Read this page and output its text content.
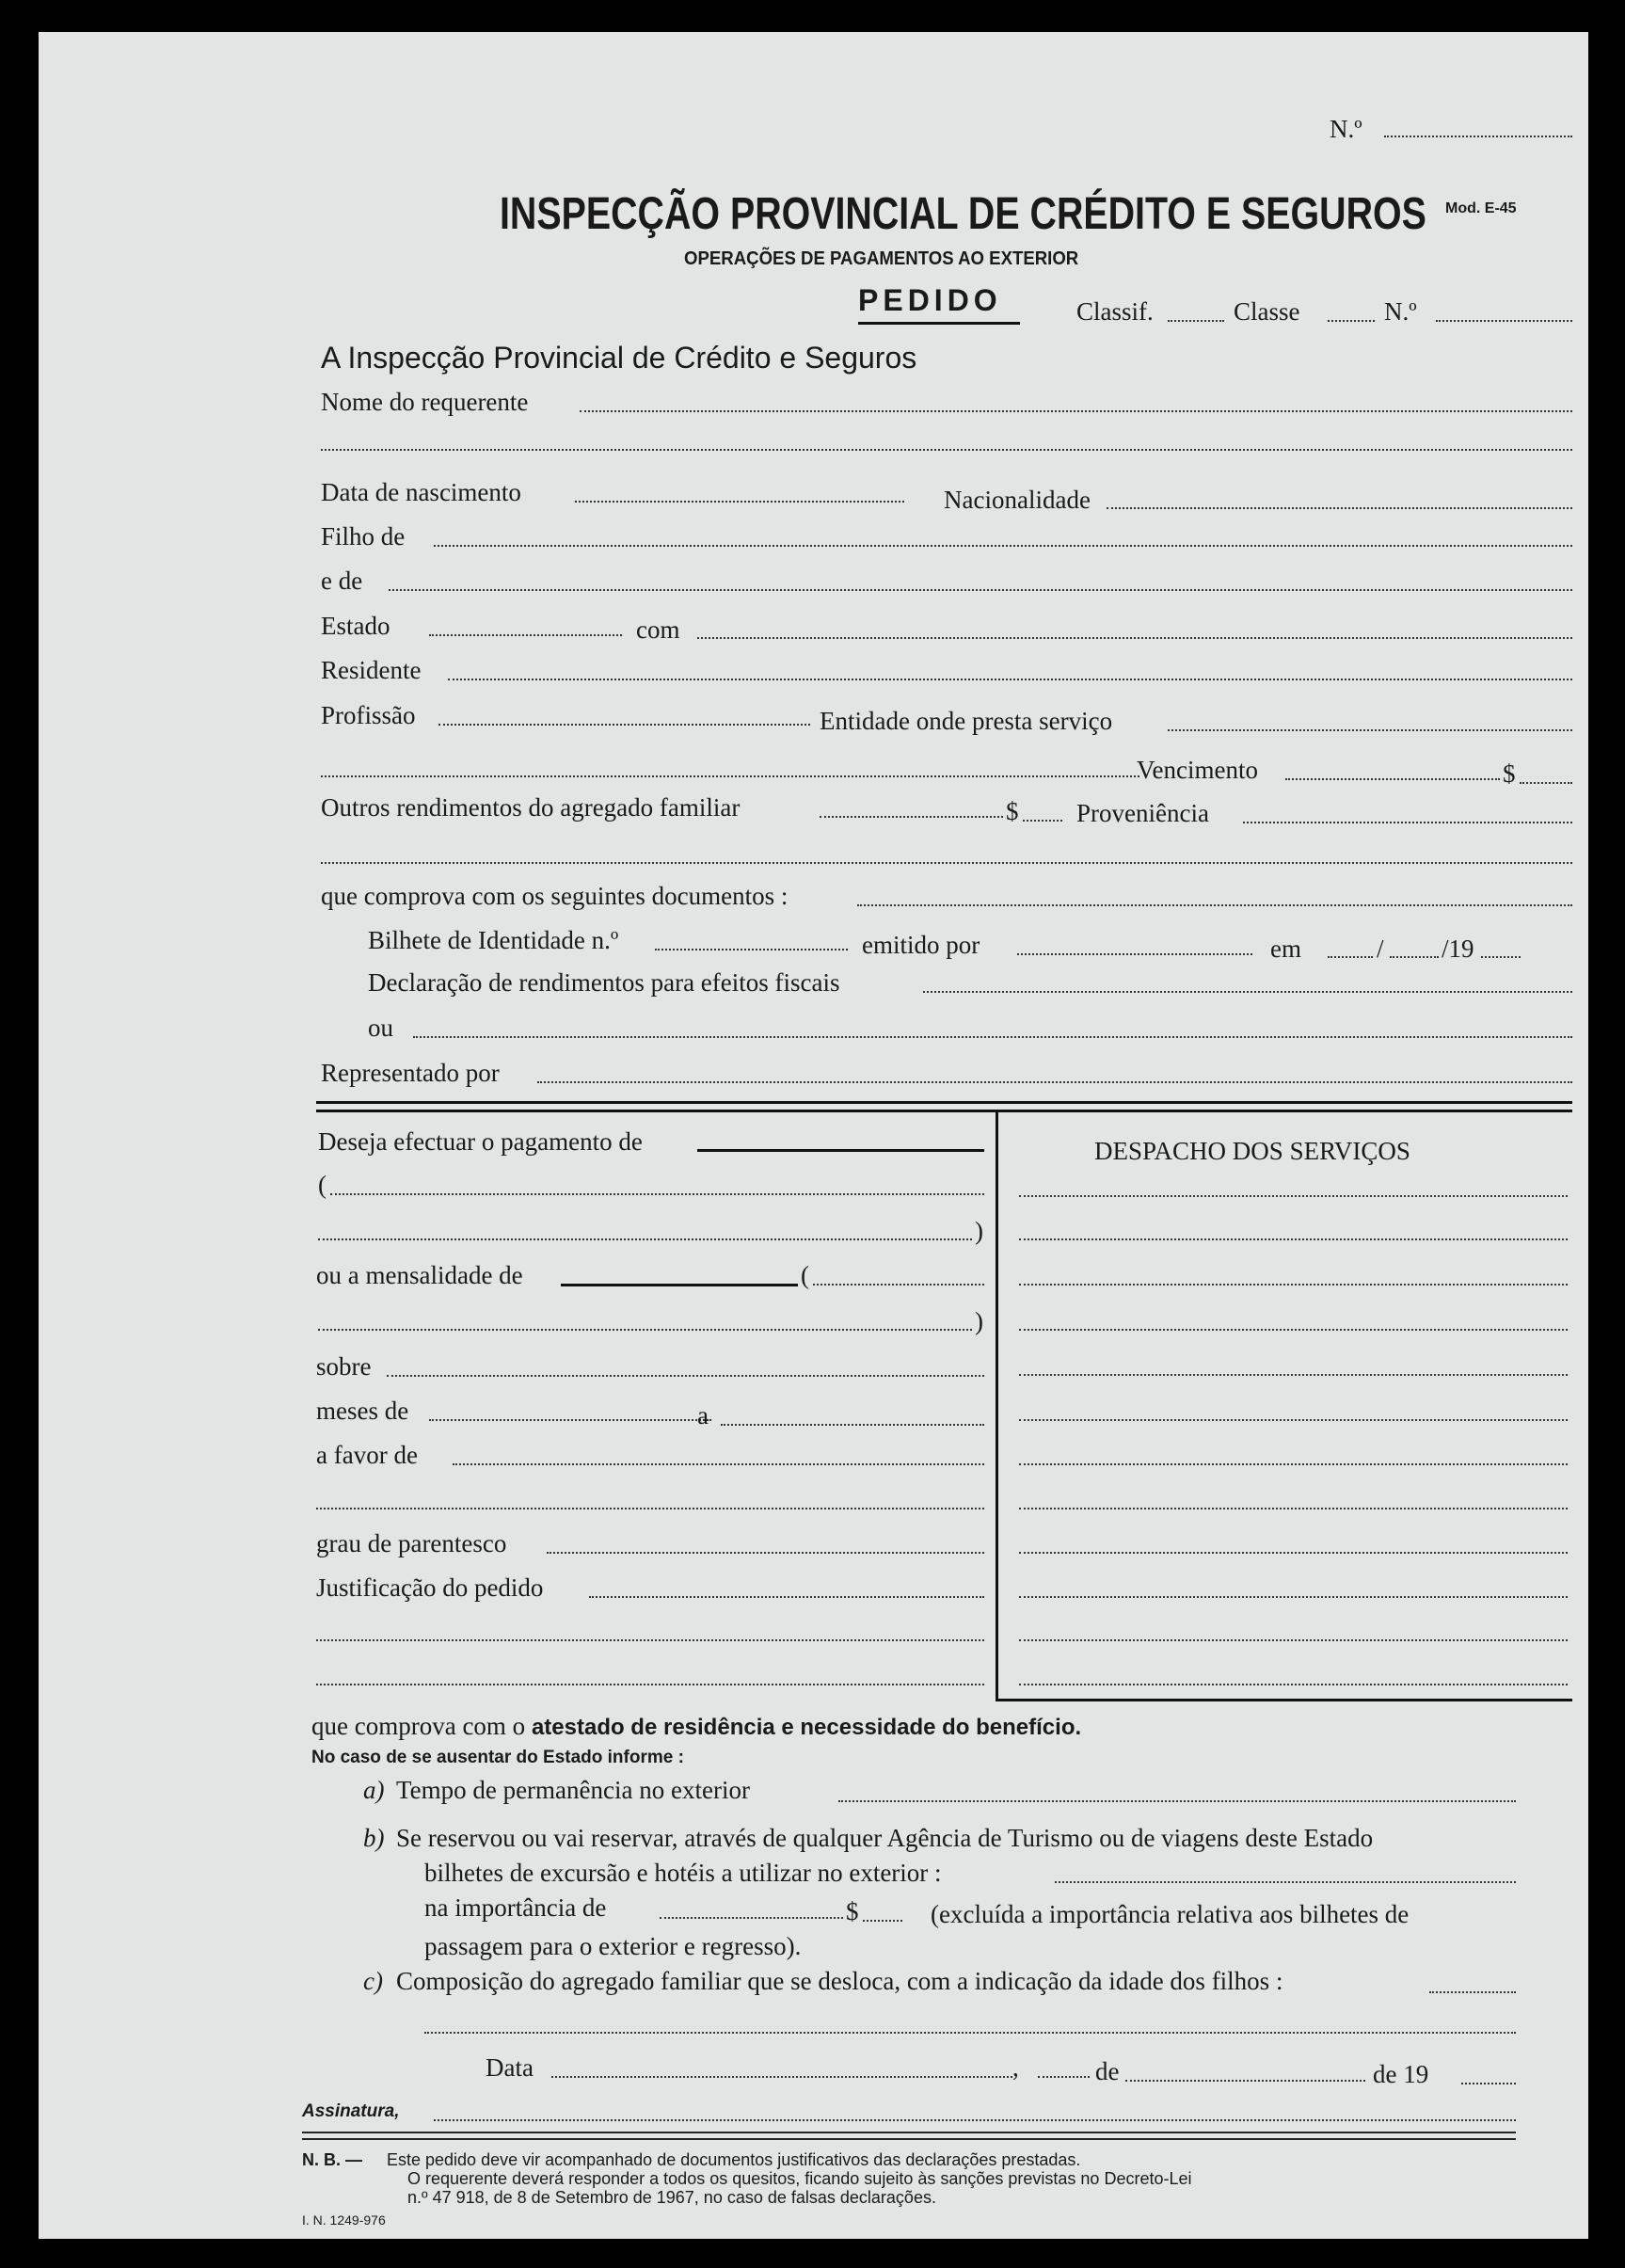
N.º
INSPECÇÃO PROVINCIAL DE CRÉDITO E SEGUROS Mod. E-45
OPERAÇÕES DE PAGAMENTOS AO EXTERIOR
PEDIDO	Classif.	Classe	N.º
A Inspecção Provincial de Crédito e Seguros
Nome do requerente
Data de nascimento	Nacionalidade
Filho de
e de
Estado	com
Residente
Profissão	Entidade onde presta serviço
Vencimento	$
Outros rendimentos do agregado familiar	$ Proveniência
que comprova com os seguintes documentos :
Bilhete de Identidade n.º	emitido por	em	/ /19
Declaração de rendimentos para efeitos fiscais
ou
Representado por
Deseja efectuar o pagamento de
(
)
ou a mensalidade de	(
)
sobre
meses de	a
a favor de
grau de parentesco
Justificação do pedido
DESPACHO DOS SERVIÇOS
que comprova com o atestado de residência e necessidade do benefício.
No caso de se ausentar do Estado informe :
a) Tempo de permanência no exterior
b) Se reservou ou vai reservar, através de qualquer Agência de Turismo ou de viagens deste Estado
bilhetes de excursão e hotéis a utilizar no exterior :
na importância de	$	(excluída a importância relativa aos bilhetes de
passagem para o exterior e regresso).
c) Composição do agregado familiar que se desloca, com a indicação da idade dos filhos :
Data	,	de	de 19
Assinatura,
N. B. — Este pedido deve vir acompanhado de documentos justificativos das declarações prestadas.
O requerente deverá responder a todos os quesitos, ficando sujeito às sanções previstas no Decreto-Lei
n.º 47 918, de 8 de Setembro de 1967, no caso de falsas declarações.
I. N. 1249-976
